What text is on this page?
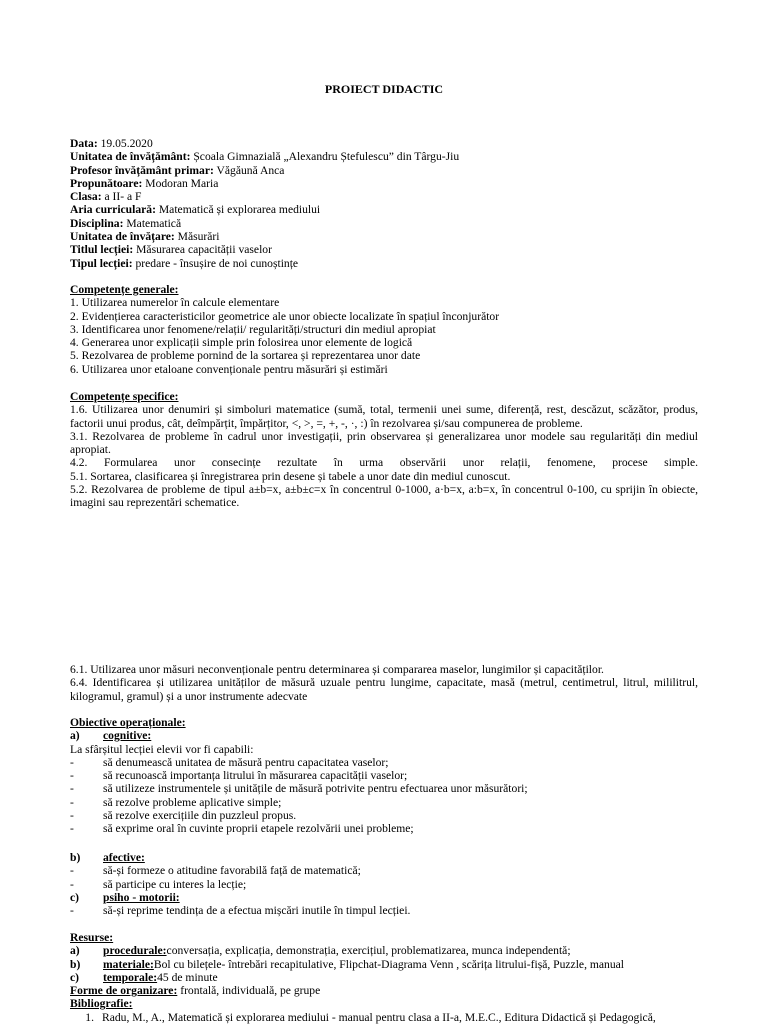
PROIECT DIDACTIC
Data: 19.05.2020
Unitatea de învățământ: Școala Gimnazială „Alexandru Ștefulescu” din Târgu-Jiu
Profesor învățământ primar: Văgăună Anca
Propunătoare: Modoran Maria
Clasa: a II- a F
Aria curriculară: Matematică și explorarea mediului
Disciplina: Matematică
Unitatea de învățare: Măsurări
Titlul lecției: Măsurarea capacității vaselor
Tipul lecției: predare - însușire de noi cunoștințe
Competențe generale:
1. Utilizarea numerelor în calcule elementare
2. Evidențierea caracteristicilor geometrice ale unor obiecte localizate în spațiul înconjurător
3. Identificarea unor fenomene/relații/ regularități/structuri din mediul apropiat
4. Generarea unor explicații simple prin folosirea unor elemente de logică
5. Rezolvarea de probleme pornind de la sortarea și reprezentarea unor date
6. Utilizarea unor etaloane convenționale pentru măsurări și estimări
Competențe specifice:
1.6. Utilizarea unor denumiri și simboluri matematice (sumă, total, termenii unei sume, diferență, rest, descăzut, scăzător, produs, factorii unui produs, cât, deîmpărțit, împărțitor, <, >, =, +, -, ·, :) în rezolvarea și/sau compunerea de probleme.
3.1. Rezolvarea de probleme în cadrul unor investigații, prin observarea și generalizarea unor modele sau regularități din mediul apropiat.
4.2. Formularea unor consecințe rezultate în urma observării unor relații, fenomene, procese simple.
5.1. Sortarea, clasificarea și înregistrarea prin desene și tabele a unor date din mediul cunoscut.
5.2. Rezolvarea de probleme de tipul a±b=x, a±b±c=x în concentrul 0-1000, a·b=x, a:b=x, în concentrul 0-100, cu sprijin în obiecte, imagini sau reprezentări schematice.
6.1. Utilizarea unor măsuri neconvenționale pentru determinarea și compararea maselor, lungimilor și capacităților.
6.4. Identificarea și utilizarea unităților de măsură uzuale pentru lungime, capacitate, masă (metrul, centimetrul, litrul, mililitrul, kilogramul, gramul) și a unor instrumente adecvate
Obiective operaționale:
a)	cognitive:
La sfârșitul lecției elevii vor fi capabili:
-	să denumească unitatea de măsură pentru capacitatea vaselor;
-	să recunoască importanța litrului în măsurarea capacității vaselor;
-	să utilizeze instrumentele și unitățile de măsură potrivite pentru efectuarea unor măsurători;
-	să rezolve probleme aplicative simple;
-	să rezolve exercițiile din puzzleul propus.
-	să exprime oral în cuvinte proprii etapele rezolvării unei probleme;
b)	afective:
-	să-și formeze o atitudine favorabilă față de matematică;
-	să participe cu interes la lecție;
c)	psiho - motorii:
-	să-și reprime tendința de a efectua mișcări inutile în timpul lecției.
Resurse:
a)	procedurale: conversația, explicația, demonstrația, exercițiul, problematizarea, munca independentă;
b)	materiale: Bol cu bilețele- întrebări recapitulative, Flipchat-Diagrama Venn , scărița litrului-fișă, Puzzle, manual
c)	temporale: 45 de minute
Forme de organizare: frontală, individuală, pe grupe
Bibliografie:
1. Radu, M., A., Matematică și explorarea mediului - manual pentru clasa a II-a, M.E.C., Editura Didactică și Pedagogică,
